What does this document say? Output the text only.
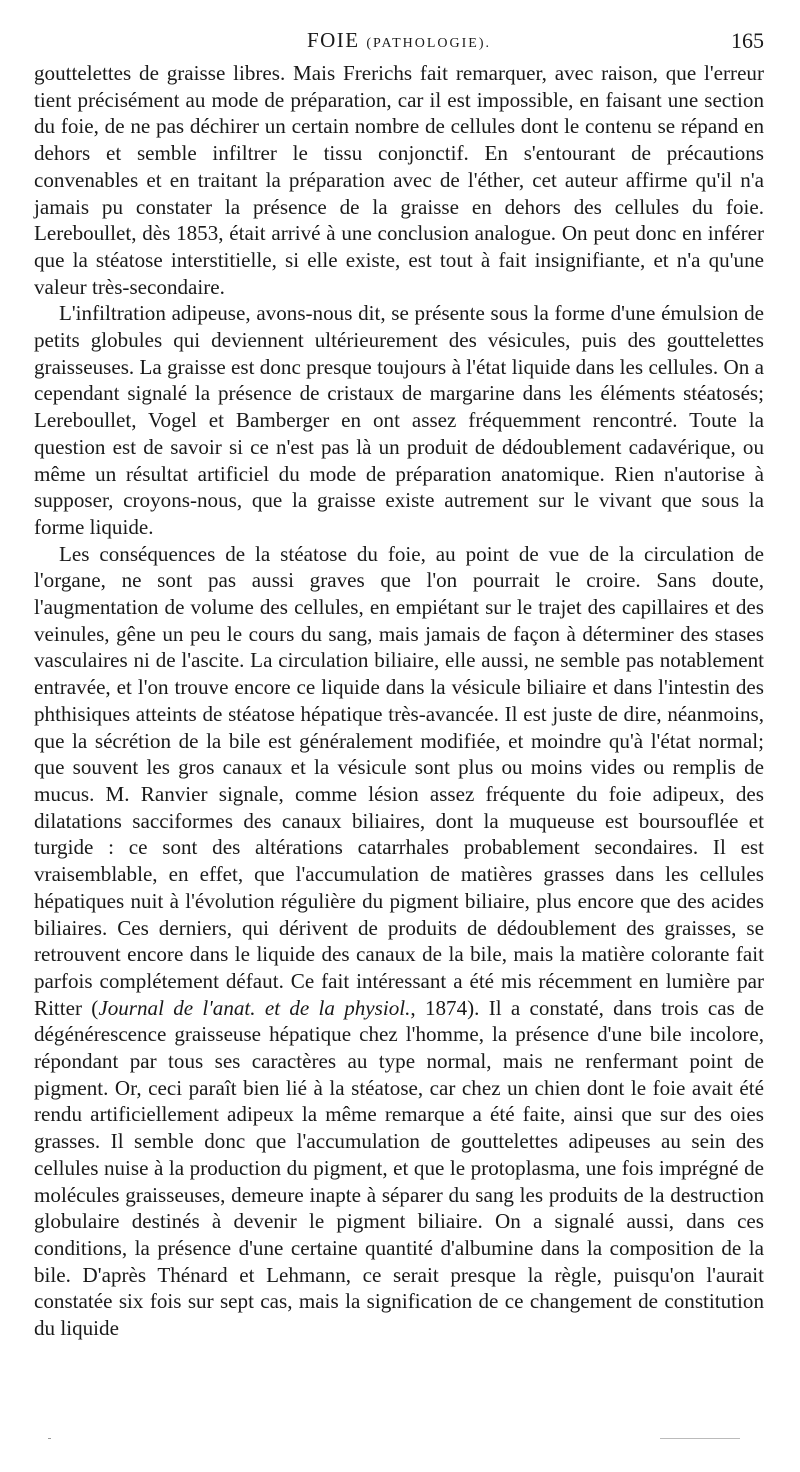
FOIE (PATHOLOGIE).	165

gouttelettes de graisse libres. Mais Frerichs fait remarquer, avec raison, que l'erreur tient précisément au mode de préparation, car il est impossible, en faisant une section du foie, de ne pas déchirer un certain nombre de cellules dont le contenu se répand en dehors et semble infiltrer le tissu conjonctif. En s'entourant de précautions convenables et en traitant la préparation avec de l'éther, cet auteur affirme qu'il n'a jamais pu constater la présence de la graisse en dehors des cellules du foie. Lereboullet, dès 1853, était arrivé à une conclusion analogue. On peut donc en inférer que la stéatose interstitielle, si elle existe, est tout à fait insignifiante, et n'a qu'une valeur très-secondaire.

L'infiltration adipeuse, avons-nous dit, se présente sous la forme d'une émulsion de petits globules qui deviennent ultérieurement des vésicules, puis des gouttelettes graisseuses. La graisse est donc presque toujours à l'état liquide dans les cellules. On a cependant signalé la présence de cristaux de margarine dans les éléments stéatosés; Lereboullet, Vogel et Bamberger en ont assez fréquemment rencontré. Toute la question est de savoir si ce n'est pas là un produit de dédoublement cadavérique, ou même un résultat artificiel du mode de préparation anatomique. Rien n'autorise à supposer, croyons-nous, que la graisse existe autrement sur le vivant que sous la forme liquide.

Les conséquences de la stéatose du foie, au point de vue de la circulation de l'organe, ne sont pas aussi graves que l'on pourrait le croire. Sans doute, l'augmentation de volume des cellules, en empiétant sur le trajet des capillaires et des veinules, gêne un peu le cours du sang, mais jamais de façon à déterminer des stases vasculaires ni de l'ascite. La circulation biliaire, elle aussi, ne semble pas notablement entravée, et l'on trouve encore ce liquide dans la vésicule biliaire et dans l'intestin des phthisiques atteints de stéatose hépatique très-avancée. Il est juste de dire, néanmoins, que la sécrétion de la bile est généralement modifiée, et moindre qu'à l'état normal; que souvent les gros canaux et la vésicule sont plus ou moins vides ou remplis de mucus. M. Ranvier signale, comme lésion assez fréquente du foie adipeux, des dilatations sacciformes des canaux biliaires, dont la muqueuse est boursouflée et turgide : ce sont des altérations catarrhales probablement secondaires. Il est vraisemblable, en effet, que l'accumulation de matières grasses dans les cellules hépatiques nuit à l'évolution régulière du pigment biliaire, plus encore que des acides biliaires. Ces derniers, qui dérivent de produits de dédoublement des graisses, se retrouvent encore dans le liquide des canaux de la bile, mais la matière colorante fait parfois complétement défaut. Ce fait intéressant a été mis récemment en lumière par Ritter (Journal de l'anat. et de la physiol., 1874). Il a constaté, dans trois cas de dégénérescence graisseuse hépatique chez l'homme, la présence d'une bile incolore, répondant par tous ses caractères au type normal, mais ne renfermant point de pigment. Or, ceci paraît bien lié à la stéatose, car chez un chien dont le foie avait été rendu artificiellement adipeux la même remarque a été faite, ainsi que sur des oies grasses. Il semble donc que l'accumulation de gouttelettes adipeuses au sein des cellules nuise à la production du pigment, et que le protoplasma, une fois imprégné de molécules graisseuses, demeure inapte à séparer du sang les produits de la destruction globulaire destinés à devenir le pigment biliaire. On a signalé aussi, dans ces conditions, la présence d'une certaine quantité d'albumine dans la composition de la bile. D'après Thénard et Lehmann, ce serait presque la règle, puisqu'on l'aurait constatée six fois sur sept cas, mais la signification de ce changement de constitution du liquide
